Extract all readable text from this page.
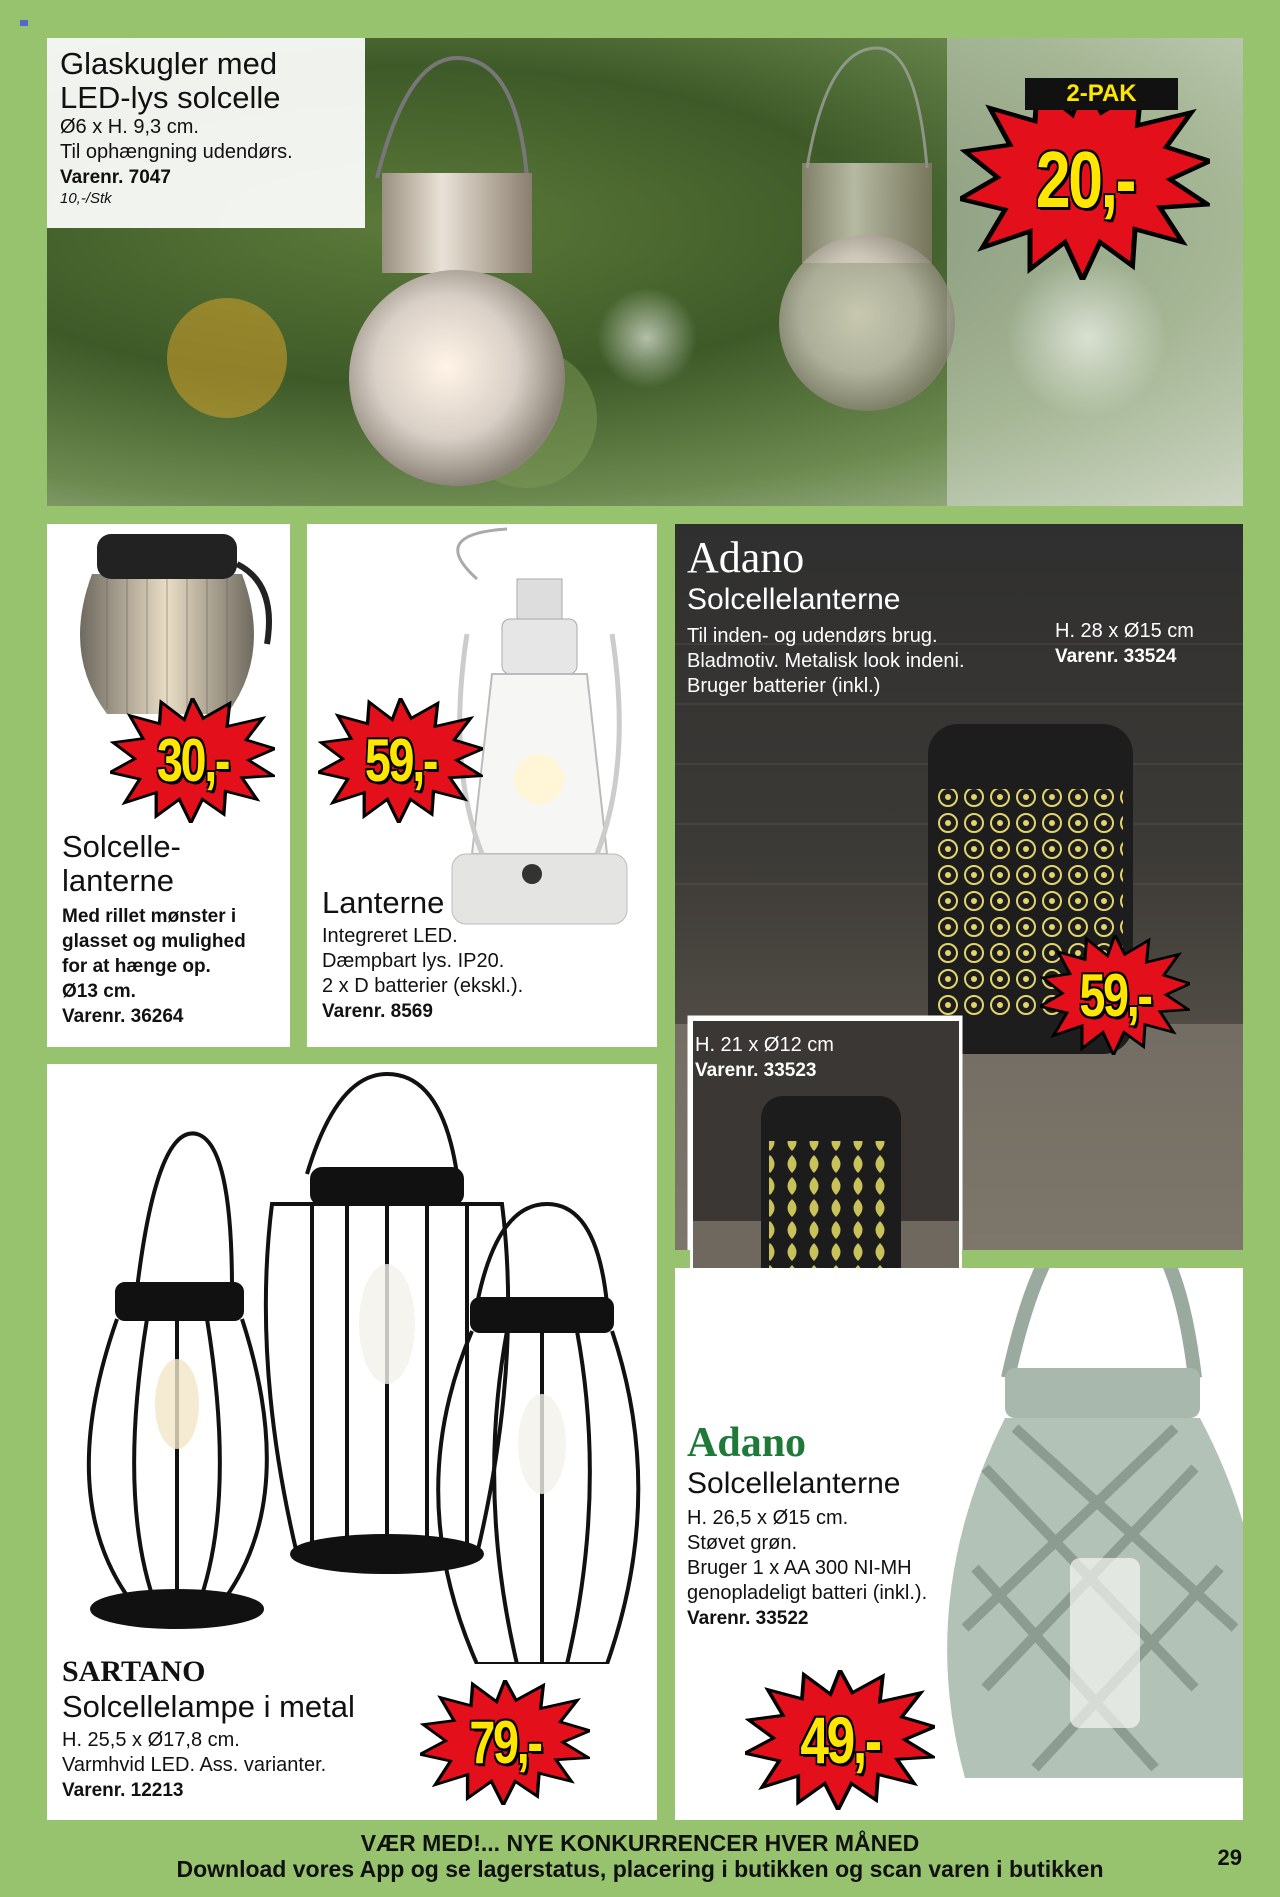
Glaskugler med
LED-lys solcelle
Ø6 x H. 9,3 cm.
Til ophængning udendørs.
Varenr. 7047
10,-/Stk
2-PAK
20,-
Solcelle-
lanterne
Med rillet mønster i
glasset og mulighed
for at hænge op.
Ø13 cm.
Varenr. 36264
30,-
Lanterne
Integreret LED.
Dæmpbart lys. IP20.
2 x D batterier (ekskl.).
Varenr. 8569
59,-
Adano
Solcellelanterne
Til inden- og udendørs brug.
Bladmotiv. Metalisk look indeni.
Bruger batterier (inkl.)
H. 28 x Ø15 cm
Varenr. 33524
H. 21 x Ø12 cm
Varenr. 33523
59,-
SARTANO
Solcellelampe i metal
H. 25,5 x Ø17,8 cm.
Varmhvid LED. Ass. varianter.
Varenr. 12213
79,-
Adano
Solcellelanterne
H. 26,5 x Ø15 cm.
Støvet grøn.
Bruger 1 x AA 300 NI-MH
genopladeligt batteri (inkl.).
Varenr. 33522
49,-
VÆR MED!... NYE KONKURRENCER HVER MÅNED
Download vores App og se lagerstatus, placering i butikken og scan varen i butikken	29
